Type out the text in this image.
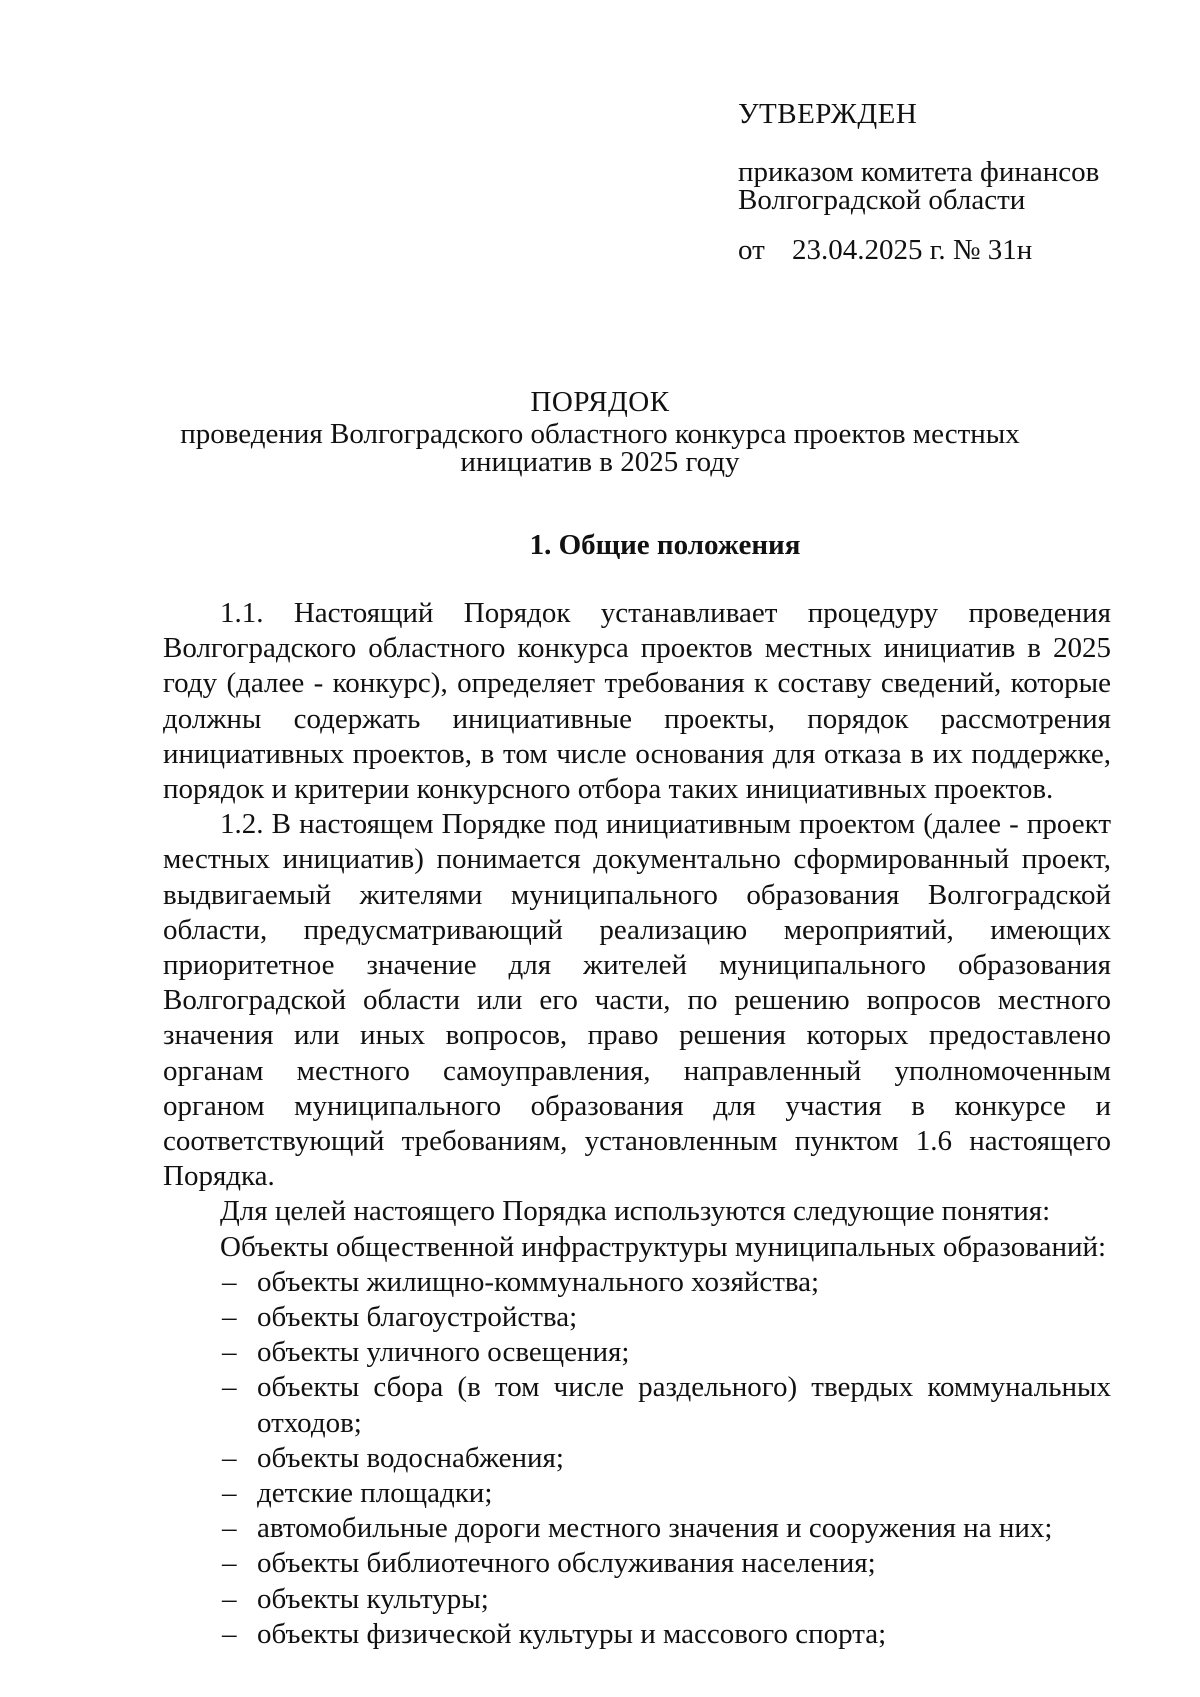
УТВЕРЖДЕН

приказом комитета финансов
Волгоградской области

от 23.04.2025 г. № 31н

ПОРЯДОК

проведения Волгоградского областного конкурса проектов местных
инициатив в 2025 году

1. Общие положения

1.1. Настоящий Порядок устанавливает процедуру проведения Волгоградского областного конкурса проектов местных инициатив в 2025 году (далее - конкурс), определяет требования к составу сведений, которые должны содержать инициативные проекты, порядок рассмотрения инициативных проектов, в том числе основания для отказа в их поддержке, порядок и критерии конкурсного отбора таких инициативных проектов.

1.2. В настоящем Порядке под инициативным проектом (далее - проект местных инициатив) понимается документально сформированный проект, выдвигаемый жителями муниципального образования Волгоградской области, предусматривающий реализацию мероприятий, имеющих приоритетное значение для жителей муниципального образования Волгоградской области или его части, по решению вопросов местного значения или иных вопросов, право решения которых предоставлено органам местного самоуправления, направленный уполномоченным органом муниципального образования для участия в конкурсе и соответствующий требованиям, установленным пунктом 1.6 настоящего Порядка.

Для целей настоящего Порядка используются следующие понятия:

Объекты общественной инфраструктуры муниципальных образований:

– объекты жилищно-коммунального хозяйства;
– объекты благоустройства;
– объекты уличного освещения;
– объекты сбора (в том числе раздельного) твердых коммунальных отходов;
– объекты водоснабжения;
– детские площадки;
– автомобильные дороги местного значения и сооружения на них;
– объекты библиотечного обслуживания населения;
– объекты культуры;
– объекты физической культуры и массового спорта;
